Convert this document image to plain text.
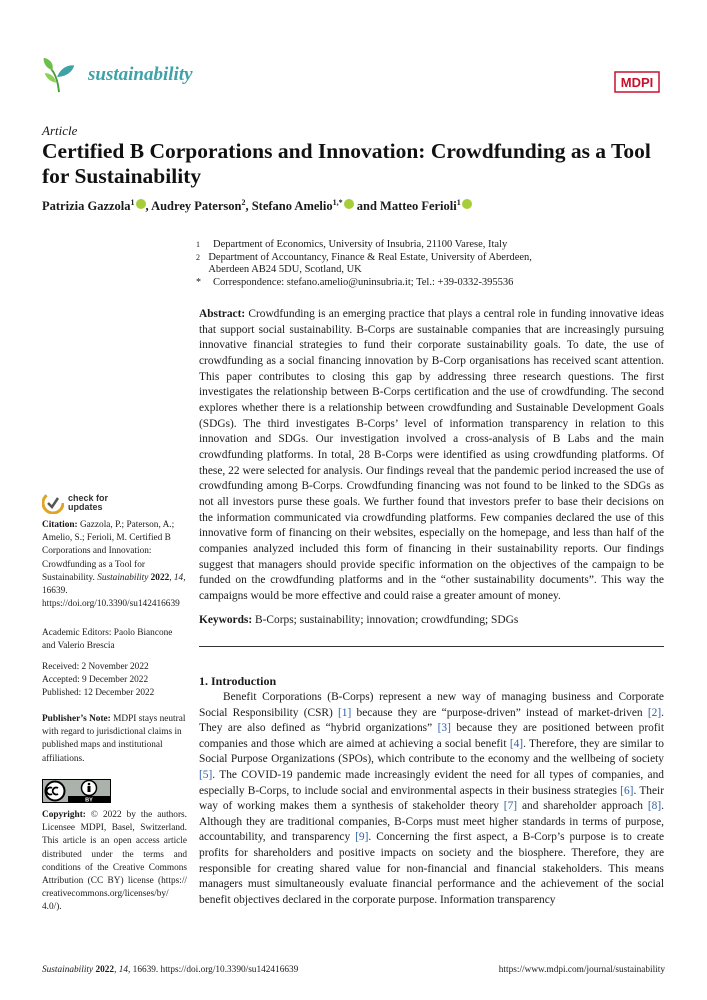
sustainability	MDPI
Article
Certified B Corporations and Innovation: Crowdfunding as a Tool for Sustainability
Patrizia Gazzola$^1$ , Audrey Paterson$^2$, Stefano Amelio$^{1,*}$ and Matteo Ferioli$^1$
1	Department of Economics, University of Insubria, 21100 Varese, Italy
2 Department of Accountancy, Finance & Real Estate, University of Aberdeen, Aberdeen AB24 5DU, Scotland, UK
*	Correspondence: stefano.amelio@uninsubria.it; Tel.: +39-0332-395536
Abstract: Crowdfunding is an emerging practice that plays a central role in funding innovative ideas that support social sustainability. B-Corps are sustainable companies that are increasingly pursuing innovative financial strategies to fund their corporate sustainability goals. To date, the use of crowdfunding as a social financing innovation by B-Corp organisations has received scant attention. This paper contributes to closing this gap by addressing three research questions. The first investigates the relationship between B-Corps certification and the use of crowdfunding. The second explores whether there is a relationship between crowdfunding and Sustainable Development Goals (SDGs). The third investigates B-Corps’ level of information transparency in relation to this innovation and SDGs. Our investigation involved a cross-analysis of B Labs and the main crowdfunding platforms. In total, 28 B-Corps were identified as using crowdfunding platforms. Of these, 22 were selected for analysis. Our findings reveal that the pandemic period increased the use of crowdfunding among B-Corps. Crowdfunding financing was not found to be linked to the SDGs as not all investors purse these goals. We further found that investors prefer to base their decisions on the information communicated via crowdfunding platforms. Few companies declared the use of this innovative form of financing on their websites, especially on the homepage, and less than half of the companies analyzed included this form of financing in their sustainability reports. Our findings suggest that managers should provide specific information on the objectives of the campaign to be funded on the crowdfunding platforms and in the “other sustainability documents”. This way the campaigns would be more effective and could raise a greater amount of money.
Keywords: B-Corps; sustainability; innovation; crowdfunding; SDGs
check for
updates
Citation: Gazzola, P.; Paterson, A.; Amelio, S.; Ferioli, M. Certified B Corporations and Innovation: Crowdfunding as a Tool for Sustainability. Sustainability 2022, 14, 16639. https://doi.org/10.3390/su142416639
Academic Editors: Paolo Biancone and Valerio Brescia
Received: 2 November 2022
Accepted: 9 December 2022
Published: 12 December 2022
Publisher’s Note: MDPI stays neutral with regard to jurisdictional claims in published maps and institutional affiliations.
BY
Copyright: © 2022 by the authors. Licensee MDPI, Basel, Switzerland. This article is an open access article distributed under the terms and conditions of the Creative Commons Attribution (CC BY) license (https:// creativecommons.org/licenses/by/ 4.0/).
1. Introduction

Benefit Corporations (B-Corps) represent a new way of managing business and Corporate Social Responsibility (CSR) [1] because they are “purpose-driven” instead of market-driven [2]. They are also defined as “hybrid organizations” [3] because they are positioned between profit companies and those which are aimed at achieving a social benefit [4]. Therefore, they are similar to Social Purpose Organizations (SPOs), which contribute to the economy and the wellbeing of society [5]. The COVID-19 pandemic made increasingly evident the need for all types of companies, and especially B-Corps, to include social and environmental aspects in their business strategies [6]. Their way of working makes them a synthesis of stakeholder theory [7] and shareholder approach [8]. Although they are traditional companies, B-Corps must meet higher standards in terms of purpose, accountability, and transparency [9]. Concerning the first aspect, a B-Corp’s purpose is to create profits for shareholders and positive impacts on society and the biosphere. Therefore, they are responsible for creating shared value for non-financial and financial stakeholders. This means managers must simultaneously evaluate financial performance and the achievement of the social benefit objectives declared in the corporate purpose. Information transparency

Sustainability 2022, 14, 16639. https://doi.org/10.3390/su142416639	https://www.mdpi.com/journal/sustainability
